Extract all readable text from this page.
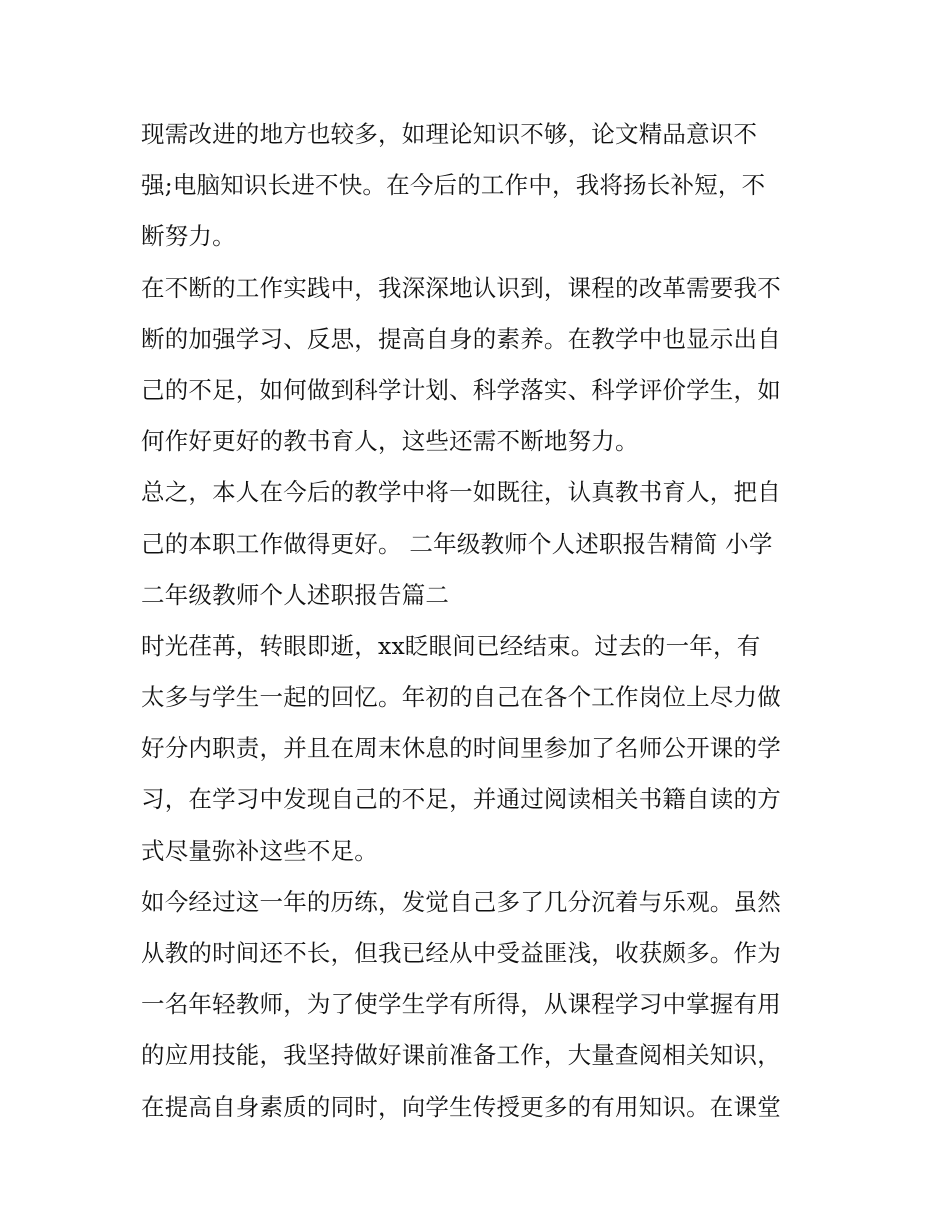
现需改进的地方也较多，如理论知识不够，论文精品意识不
强;电脑知识长进不快。在今后的工作中，我将扬长补短，不
断努力。
在不断的工作实践中，我深深地认识到，课程的改革需要我不
断的加强学习、反思，提高自身的素养。在教学中也显示出自
己的不足，如何做到科学计划、科学落实、科学评价学生，如
何作好更好的教书育人，这些还需不断地努力。
总之，本人在今后的教学中将一如既往，认真教书育人，把自
己的本职工作做得更好。 二年级教师个人述职报告精简 小学
二年级教师个人述职报告篇二
时光荏苒，转眼即逝，xx眨眼间已经结束。过去的一年，有
太多与学生一起的回忆。年初的自己在各个工作岗位上尽力做
好分内职责，并且在周末休息的时间里参加了名师公开课的学
习，在学习中发现自己的不足，并通过阅读相关书籍自读的方
式尽量弥补这些不足。
如今经过这一年的历练，发觉自己多了几分沉着与乐观。虽然
从教的时间还不长，但我已经从中受益匪浅，收获颇多。作为
一名年轻教师，为了使学生学有所得，从课程学习中掌握有用
的应用技能，我坚持做好课前准备工作，大量查阅相关知识，
在提高自身素质的同时，向学生传授更多的有用知识。在课堂
